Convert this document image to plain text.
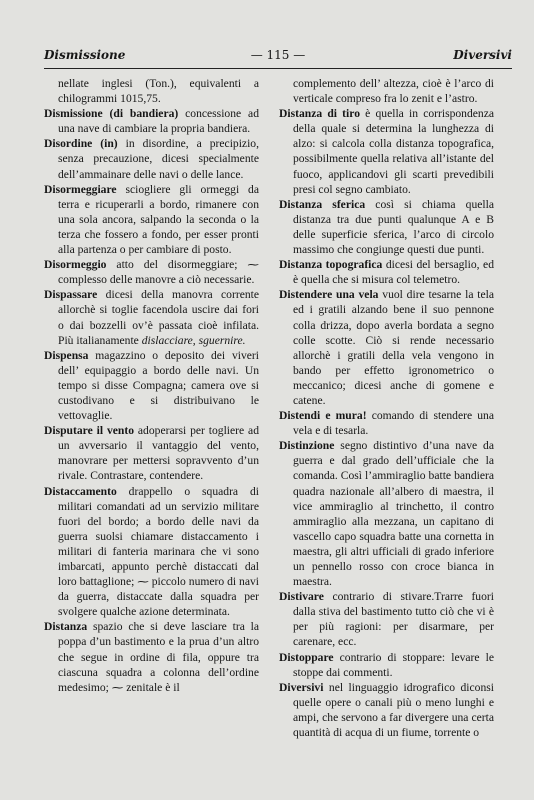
Dismissione	— 115 —	Diversivi

nellate inglesi (Ton.), equivalenti a chilogrammi 1015,75.

Dismissione (di bandiera) concessione ad una nave di cambiare la propria bandiera.

Disordine (in) in disordine, a precipizio, senza precauzione, dicesi specialmente dell’ammainare delle navi o delle lance.

Disormeggiare sciogliere gli ormeggi da terra e ricuperarli a bordo, rimanere con una sola ancora, salpando la seconda o la terza che fossero a fondo, per esser pronti alla partenza o per cambiare di posto.

Disormeggio atto del disormeggiare; ⁓ complesso delle manovre a ciò necessarie.

Dispassare dicesi della manovra corrente allorchè si toglie facendola uscire dai fori o dai bozzelli ov’è passata cioè infilata. Più italianamente dislacciare, sguernire.

Dispensa magazzino o deposito dei viveri dell’ equipaggio a bordo delle navi. Un tempo si disse Compagna; camera ove si custodivano e si distribuivano le vettovaglie.

Disputare il vento adoperarsi per togliere ad un avversario il vantaggio del vento, manovrare per mettersi sopravvento d’un rivale. Contrastare, contendere.

Distaccamento drappello o squadra di militari comandati ad un servizio militare fuori del bordo; a bordo delle navi da guerra suolsi chiamare distaccamento i militari di fanteria marinara che vi sono imbarcati, appunto perchè distaccati dal loro battaglione; ⁓ piccolo numero di navi da guerra, distaccate dalla squadra per svolgere qualche azione determinata.

Distanza spazio che si deve lasciare tra la poppa d’un bastimento e la prua d’un altro che segue in ordine di fila, oppure tra ciascuna squadra a colonna dell’ordine medesimo; ⁓ zenitale è il

complemento dell’ altezza, cioè è l’arco di verticale compreso fra lo zenit e l’astro.

Distanza di tiro è quella in corrispondenza della quale si determina la lunghezza di alzo: si calcola colla distanza topografica, possibilmente quella relativa all’istante del fuoco, applicandovi gli scarti prevedibili presi col segno cambiato.

Distanza sferica così si chiama quella distanza tra due punti qualunque A e B delle superficie sferica, l’arco di circolo massimo che congiunge questi due punti.

Distanza topografica dicesi del bersaglio, ed è quella che si misura col telemetro.

Distendere una vela vuol dire tesarne la tela ed i gratili alzando bene il suo pennone colla drizza, dopo averla bordata a segno colle scotte. Ciò si rende necessario allorchè i gratili della vela vengono in bando per effetto igronometrico o meccanico; dicesi anche di gomene e catene.

Distendi e mura! comando di stendere una vela e di tesarla.

Distinzione segno distintivo d’una nave da guerra e dal grado dell’ufficiale che la comanda. Così l’ammiraglio batte bandiera quadra nazionale all’albero di maestra, il vice ammiraglio al trinchetto, il contro ammiraglio alla mezzana, un capitano di vascello capo squadra batte una cornetta in maestra, gli altri ufficiali di grado inferiore un pennello rosso con croce bianca in maestra.

Distivare contrario di stivare.Trarre fuori dalla stiva del bastimento tutto ciò che vi è per più ragioni: per disarmare, per carenare, ecc.

Distoppare contrario di stoppare: levare le stoppe dai commenti.

Diversivi nel linguaggio idrografico diconsi quelle opere o canali più o meno lunghi e ampi, che servono a far divergere una certa quantità di acqua di un fiume, torrente o
